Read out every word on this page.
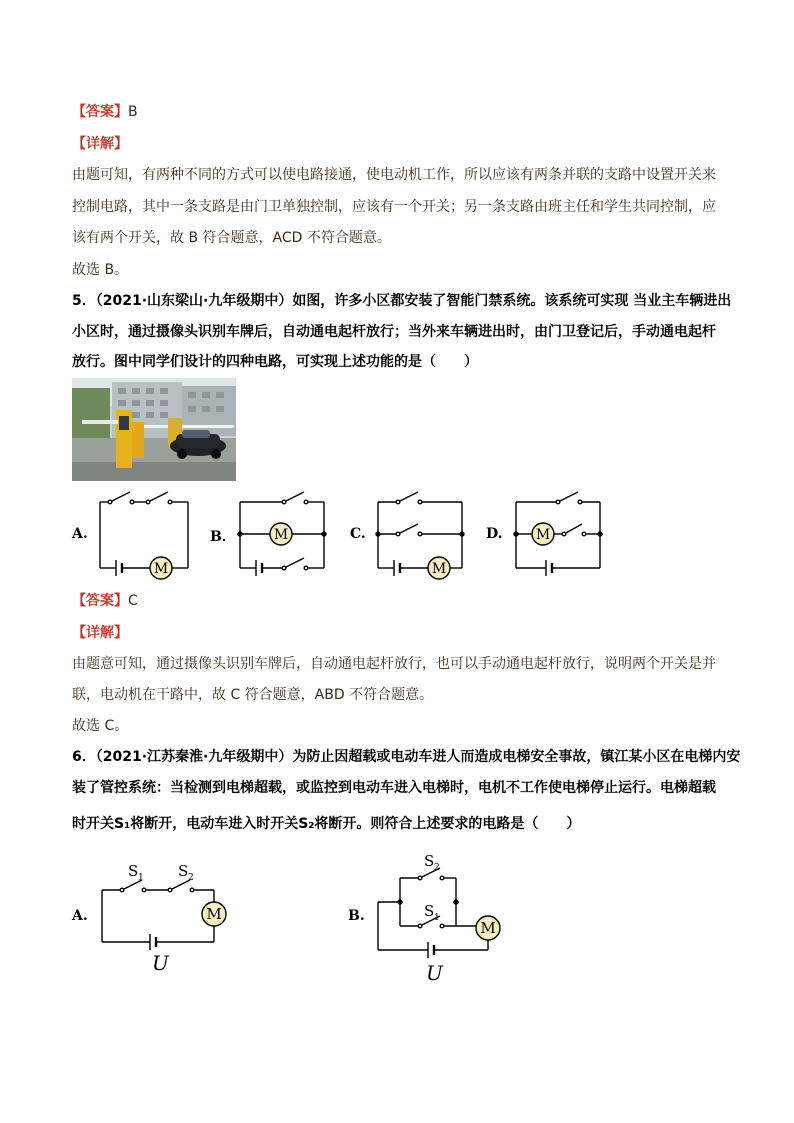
【答案】B
【详解】
由题可知，有两种不同的方式可以使电路接通，使电动机工作，所以应该有两条并联的支路中设置开关来
控制电路，其中一条支路是由门卫单独控制，应该有一个开关；另一条支路由班主任和学生共同控制，应
该有两个开关，故 B 符合题意，ACD 不符合题意。
故选 B。
5．（2021·山东梁山·九年级期中）如图，许多小区都安装了智能门禁系统。该系统可实现 当业主车辆进出
小区时，通过摄像头识别车牌后，自动通电起杆放行；当外来车辆进出时，由门卫登记后，手动通电起杆
放行。图中同学们设计的四种电路，可实现上述功能的是（　　）
A.	B．	C.	D.
M
M
M
M
【答案】C
【详解】
由题意可知，通过摄像头识别车牌后，自动通电起杆放行，也可以手动通电起杆放行，说明两个开关是并
联，电动机在干路中，故 C 符合题意，ABD 不符合题意。
故选 C。
6．（2021·江苏秦淮·九年级期中）为防止因超载或电动车进人而造成电梯安全事故，镇江某小区在电梯内安
装了管控系统：当检测到电梯超载，或监控到电动车进入电梯时，电机不工作使电梯停止运行。电梯超载
时开关S₁将断开，电动车进入时开关S₂将断开。则符合上述要求的电路是（　　）
A.	B.
S 1 S 2
M
U
S 2
S 1
M
U
